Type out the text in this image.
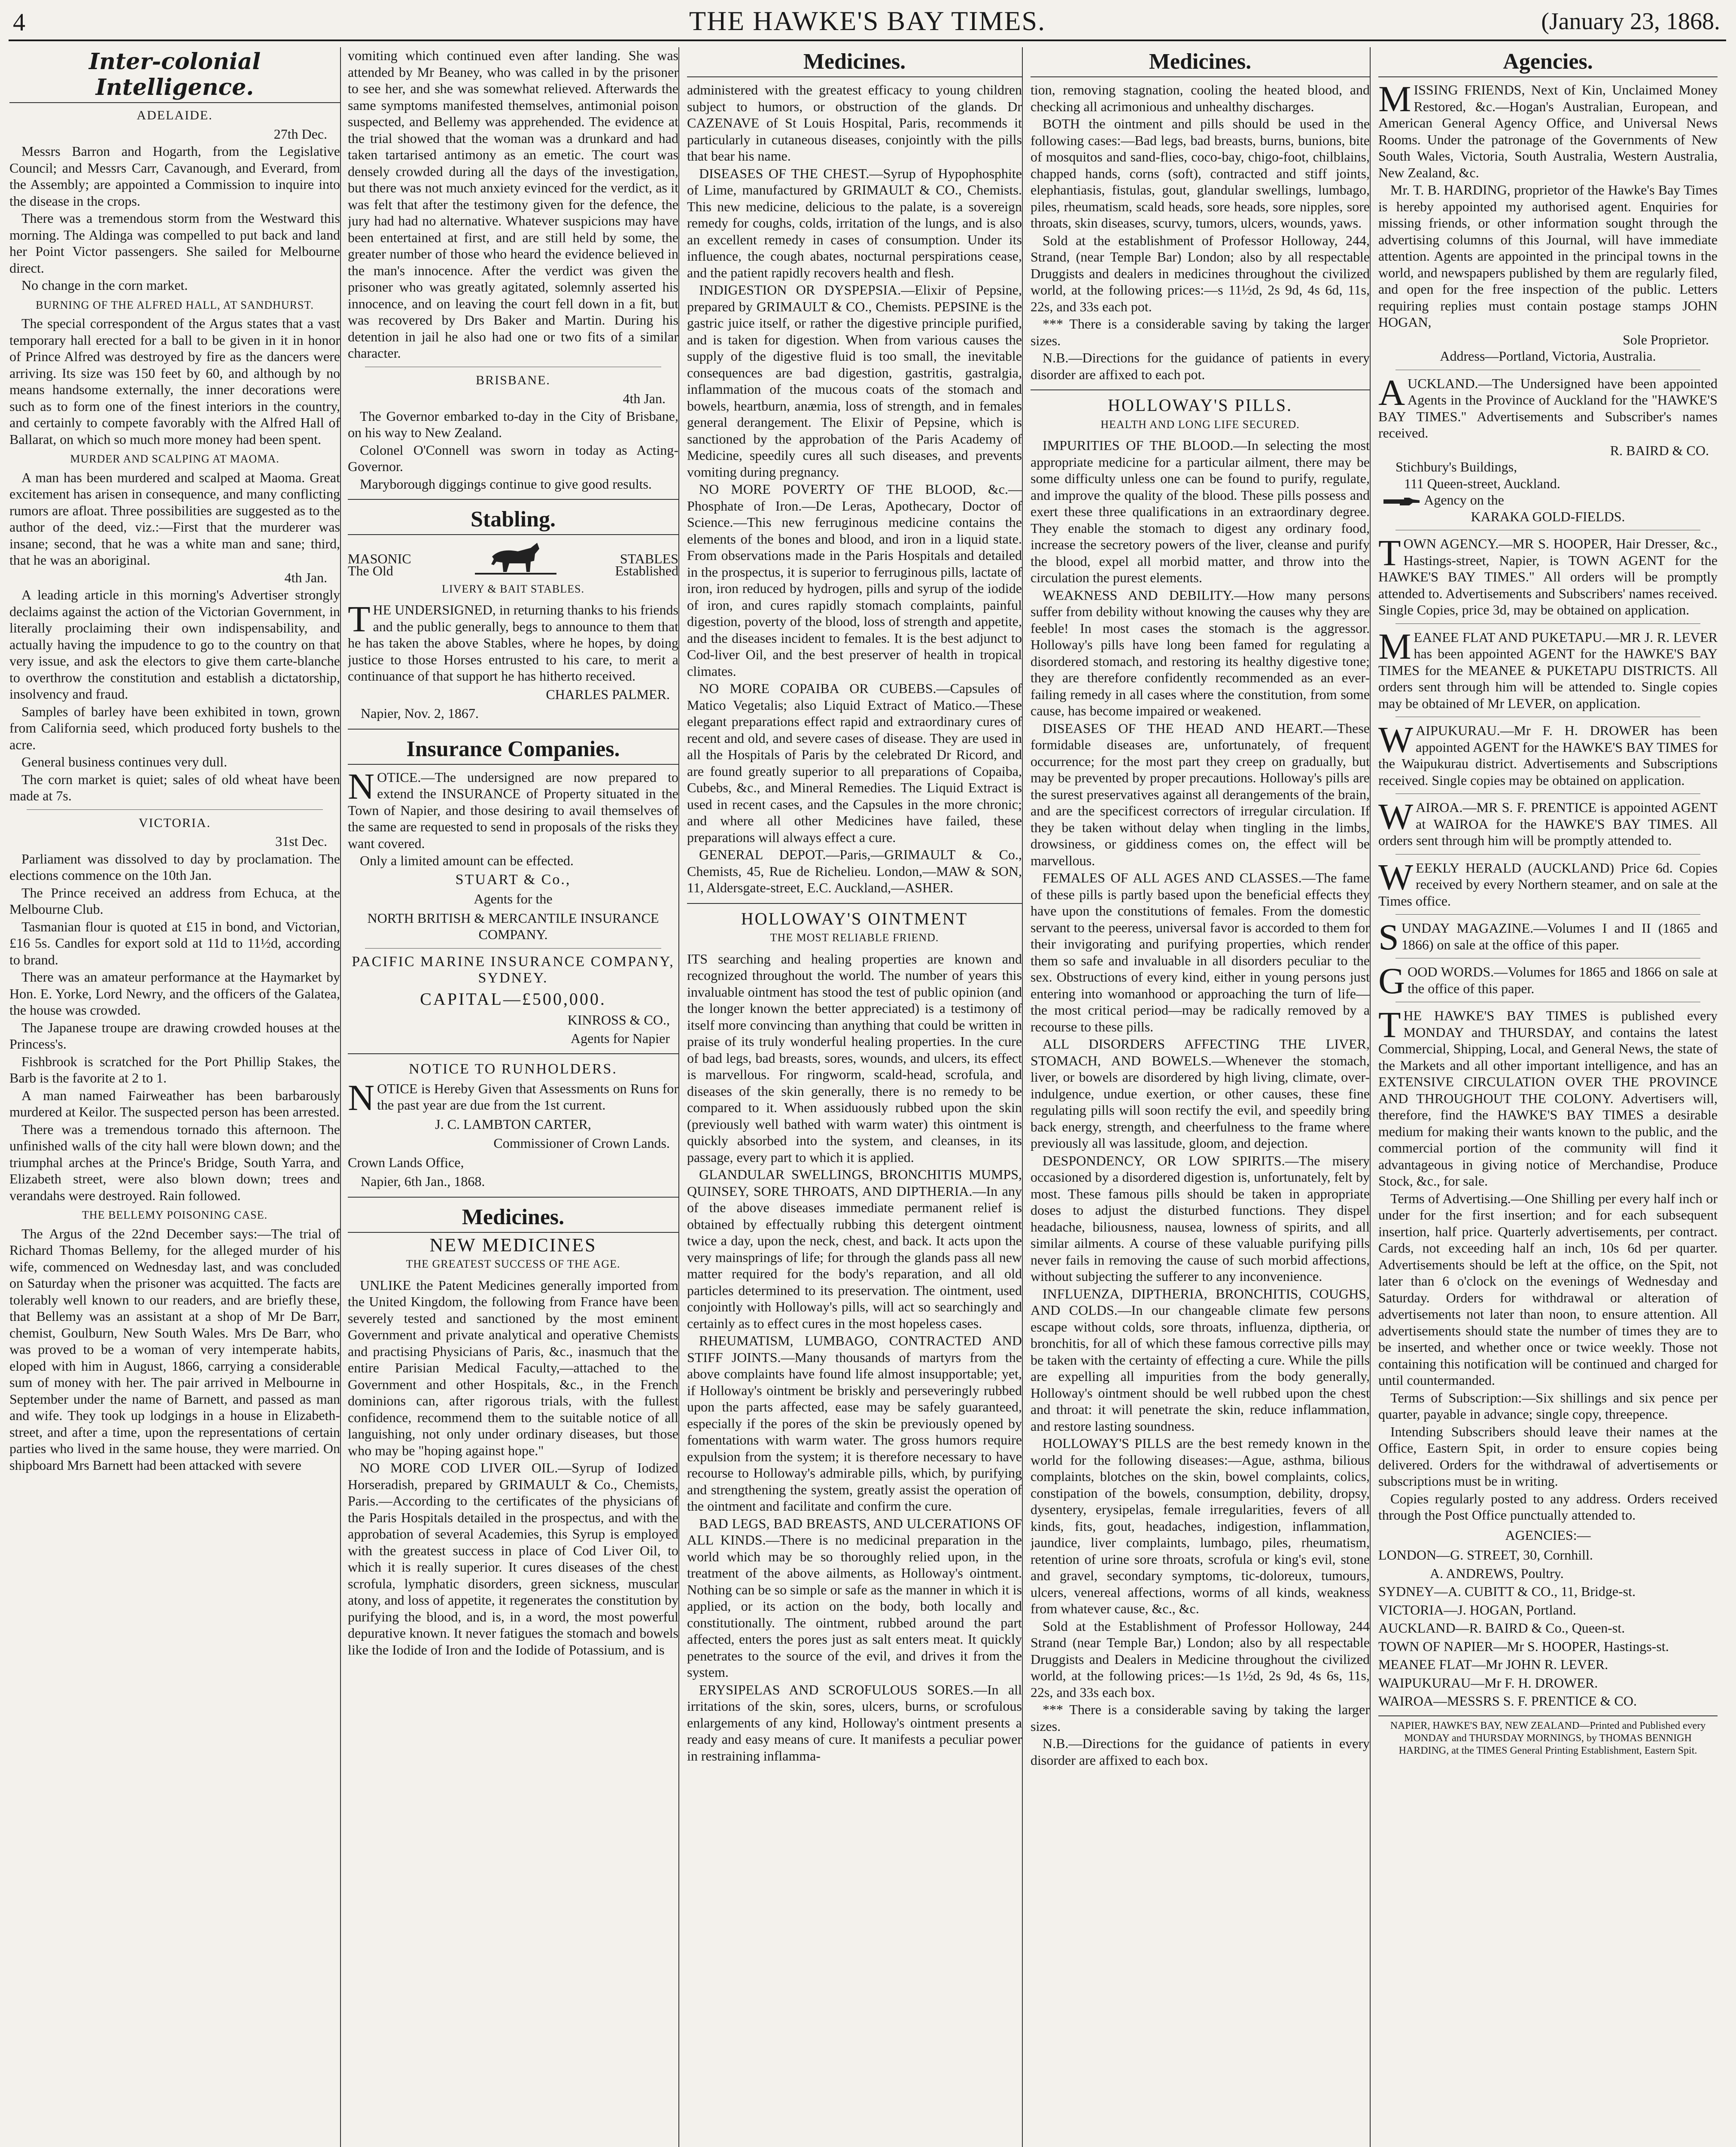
4	THE HAWKE'S BAY TIMES.	(January 23, 1868.
Inter-colonial Intelligence.
ADELAIDE.

27th Dec.

Messrs Barron and Hogarth, from the Legislative Council; and Messrs Carr, Cavanough, and Everard, from the Assembly; are appointed a Commission to inquire into the disease in the crops.

There was a tremendous storm from the Westward this morning. The Aldinga was compelled to put back and land her Point Victor passengers. She sailed for Melbourne direct.

No change in the corn market.

BURNING OF THE ALFRED HALL, AT SANDHURST.

The special correspondent of the Argus states that a vast temporary hall erected for a ball to be given in it in honor of Prince Alfred was destroyed by fire as the dancers were arriving. Its size was 150 feet by 60, and although by no means handsome externally, the inner decorations were such as to form one of the finest interiors in the country, and certainly to compete favorably with the Alfred Hall of Ballarat, on which so much more money had been spent.

MURDER AND SCALPING AT MAOMA.

A man has been murdered and scalped at Maoma. Great excitement has arisen in consequence, and many conflicting rumors are afloat. Three possibilities are suggested as to the author of the deed, viz.:—First that the murderer was insane; second, that he was a white man and sane; third, that he was an aboriginal.

4th Jan.

A leading article in this morning's Advertiser strongly declaims against the action of the Victorian Government, in literally proclaiming their own indispensability, and actually having the impudence to go to the country on that very issue, and ask the electors to give them carte-blanche to overthrow the constitution and establish a dictatorship, insolvency and fraud.

Samples of barley have been exhibited in town, grown from California seed, which produced forty bushels to the acre.

General business continues very dull.

The corn market is quiet; sales of old wheat have been made at 7s.

VICTORIA.

31st Dec.

Parliament was dissolved to day by proclamation. The elections commence on the 10th Jan.

The Prince received an address from Echuca, at the Melbourne Club.

Tasmanian flour is quoted at £15 in bond, and Victorian, £16 5s. Candles for export sold at 11d to 11½d, according to brand.

There was an amateur performance at the Haymarket by Hon. E. Yorke, Lord Newry, and the officers of the Galatea, the house was crowded.

The Japanese troupe are drawing crowded houses at the Princess's.

Fishbrook is scratched for the Port Phillip Stakes, the Barb is the favorite at 2 to 1.

A man named Fairweather has been barbarously murdered at Keilor. The suspected person has been arrested.

There was a tremendous tornado this afternoon. The unfinished walls of the city hall were blown down; and the triumphal arches at the Prince's Bridge, South Yarra, and Elizabeth street, were also blown down; trees and verandahs were destroyed. Rain followed.

THE BELLEMY POISONING CASE.

The Argus of the 22nd December says:—The trial of Richard Thomas Bellemy, for the alleged murder of his wife, commenced on Wednesday last, and was concluded on Saturday when the prisoner was acquitted. The facts are tolerably well known to our readers, and are briefly these, that Bellemy was an assistant at a shop of Mr De Barr, chemist, Goulburn, New South Wales. Mrs De Barr, who was proved to be a woman of very intemperate habits, eloped with him in August, 1866, carrying a considerable sum of money with her. The pair arrived in Melbourne in September under the name of Barnett, and passed as man and wife. They took up lodgings in a house in Elizabeth-street, and after a time, upon the representations of certain parties who lived in the same house, they were married. On shipboard Mrs Barnett had been attacked with severe

vomiting which continued even after landing. She was attended by Mr Beaney, who was called in by the prisoner to see her, and she was somewhat relieved. Afterwards the same symptoms manifested themselves, antimonial poison suspected, and Bellemy was apprehended. The evidence at the trial showed that the woman was a drunkard and had taken tartarised antimony as an emetic. The court was densely crowded during all the days of the investigation, but there was not much anxiety evinced for the verdict, as it was felt that after the testimony given for the defence, the jury had had no alternative. Whatever suspicions may have been entertained at first, and are still held by some, the greater number of those who heard the evidence believed in the man's innocence. After the verdict was given the prisoner who was greatly agitated, solemnly asserted his innocence, and on leaving the court fell down in a fit, but was recovered by Drs Baker and Martin. During his detention in jail he also had one or two fits of a similar character.

BRISBANE.

4th Jan.

The Governor embarked to-day in the City of Brisbane, on his way to New Zealand.

Colonel O'Connell was sworn in today as Acting-Governor.

Maryborough diggings continue to give good results.

Stabling.
MASONIC	STABLES
The Old	Established
LIVERY & BAIT STABLES.

THE UNDERSIGNED, in returning thanks to his friends and the public generally, begs to announce to them that he has taken the above Stables, where he hopes, by doing justice to those Horses entrusted to his care, to merit a continuance of that support he has hitherto received.

CHARLES PALMER.
Napier, Nov. 2, 1867.
Insurance Companies.

NOTICE.—The undersigned are now prepared to extend the INSURANCE of Property situated in the Town of Napier, and those desiring to avail themselves of the same are requested to send in proposals of the risks they want covered.

Only a limited amount can be effected.

STUART & Co.,
Agents for the
NORTH BRITISH & MERCANTILE INSURANCE COMPANY.
PACIFIC MARINE INSURANCE COMPANY, SYDNEY.
CAPITAL—£500,000.
KINROSS & CO.,
Agents for Napier
NOTICE TO RUNHOLDERS.

NOTICE is Hereby Given that Assessments on Runs for the past year are due from the 1st current.

J. C. LAMBTON CARTER,
Commissioner of Crown Lands.
Crown Lands Office,
Napier, 6th Jan., 1868.
Medicines.
NEW MEDICINES
THE GREATEST SUCCESS OF THE AGE.

UNLIKE the Patent Medicines generally imported from the United Kingdom, the following from France have been severely tested and sanctioned by the most eminent Government and private analytical and operative Chemists and practising Physicians of Paris, &c., inasmuch that the entire Parisian Medical Faculty,—attached to the Government and other Hospitals, &c., in the French dominions can, after rigorous trials, with the fullest confidence, recommend them to the suitable notice of all languishing, not only under ordinary diseases, but those who may be "hoping against hope."

NO MORE COD LIVER OIL.—Syrup of Iodized Horseradish, prepared by GRIMAULT & Co., Chemists, Paris.—According to the certificates of the physicians of the Paris Hospitals detailed in the prospectus, and with the approbation of several Academies, this Syrup is employed with the greatest success in place of Cod Liver Oil, to which it is really superior. It cures diseases of the chest scrofula, lymphatic disorders, green sickness, muscular atony, and loss of appetite, it regenerates the constitution by purifying the blood, and is, in a word, the most powerful depurative known. It never fatigues the stomach and bowels like the Iodide of Iron and the Iodide of Potassium, and is

Medicines.

administered with the greatest efficacy to young children subject to humors, or obstruction of the glands. Dr CAZENAVE of St Louis Hospital, Paris, recommends it particularly in cutaneous diseases, conjointly with the pills that bear his name.

DISEASES OF THE CHEST.—Syrup of Hypophosphite of Lime, manufactured by GRIMAULT & CO., Chemists. This new medicine, delicious to the palate, is a sovereign remedy for coughs, colds, irritation of the lungs, and is also an excellent remedy in cases of consumption. Under its influence, the cough abates, nocturnal perspirations cease, and the patient rapidly recovers health and flesh.

INDIGESTION OR DYSPEPSIA.—Elixir of Pepsine, prepared by GRIMAULT & CO., Chemists. PEPSINE is the gastric juice itself, or rather the digestive principle purified, and is taken for digestion. When from various causes the supply of the digestive fluid is too small, the inevitable consequences are bad digestion, gastritis, gastralgia, inflammation of the mucous coats of the stomach and bowels, heartburn, anæmia, loss of strength, and in females general derangement. The Elixir of Pepsine, which is sanctioned by the approbation of the Paris Academy of Medicine, speedily cures all such diseases, and prevents vomiting during pregnancy.

NO MORE POVERTY OF THE BLOOD, &c.—Phosphate of Iron.—De Leras, Apothecary, Doctor of Science.—This new ferruginous medicine contains the elements of the bones and blood, and iron in a liquid state. From observations made in the Paris Hospitals and detailed in the prospectus, it is superior to ferruginous pills, lactate of iron, iron reduced by hydrogen, pills and syrup of the iodide of iron, and cures rapidly stomach complaints, painful digestion, poverty of the blood, loss of strength and appetite, and the diseases incident to females. It is the best adjunct to Cod-liver Oil, and the best preserver of health in tropical climates.

NO MORE COPAIBA OR CUBEBS.—Capsules of Matico Vegetalis; also Liquid Extract of Matico.—These elegant preparations effect rapid and extraordinary cures of recent and old, and severe cases of disease. They are used in all the Hospitals of Paris by the celebrated Dr Ricord, and are found greatly superior to all preparations of Copaiba, Cubebs, &c., and Mineral Remedies. The Liquid Extract is used in recent cases, and the Capsules in the more chronic; and where all other Medicines have failed, these preparations will always effect a cure.

GENERAL DEPOT.—Paris,—GRIMAULT & Co., Chemists, 45, Rue de Richelieu. London,—MAW & SON, 11, Aldersgate-street, E.C. Auckland,—ASHER.

HOLLOWAY'S OINTMENT
THE MOST RELIABLE FRIEND.

ITS searching and healing properties are known and recognized throughout the world. The number of years this invaluable ointment has stood the test of public opinion (and the longer known the better appreciated) is a testimony of itself more convincing than anything that could be written in praise of its truly wonderful healing properties. In the cure of bad legs, bad breasts, sores, wounds, and ulcers, its effect is marvellous. For ringworm, scald-head, scrofula, and diseases of the skin generally, there is no remedy to be compared to it. When assiduously rubbed upon the skin (previously well bathed with warm water) this ointment is quickly absorbed into the system, and cleanses, in its passage, every part to which it is applied.

GLANDULAR SWELLINGS, BRONCHITIS MUMPS, QUINSEY, SORE THROATS, AND DIPTHERIA.—In any of the above diseases immediate permanent relief is obtained by effectually rubbing this detergent ointment twice a day, upon the neck, chest, and back. It acts upon the very mainsprings of life; for through the glands pass all new matter required for the body's reparation, and all old particles determined to its preservation. The ointment, used conjointly with Holloway's pills, will act so searchingly and certainly as to effect cures in the most hopeless cases.

RHEUMATISM, LUMBAGO, CONTRACTED AND STIFF JOINTS.—Many thousands of martyrs from the above complaints have found life almost insupportable; yet, if Holloway's ointment be briskly and perseveringly rubbed upon the parts affected, ease may be safely guaranteed, especially if the pores of the skin be previously opened by fomentations with warm water. The gross humors require expulsion from the system; it is therefore necessary to have recourse to Holloway's admirable pills, which, by purifying and strengthening the system, greatly assist the operation of the ointment and facilitate and confirm the cure.

BAD LEGS, BAD BREASTS, AND ULCERATIONS OF ALL KINDS.—There is no medicinal preparation in the world which may be so thoroughly relied upon, in the treatment of the above ailments, as Holloway's ointment. Nothing can be so simple or safe as the manner in which it is applied, or its action on the body, both locally and constitutionally. The ointment, rubbed around the part affected, enters the pores just as salt enters meat. It quickly penetrates to the source of the evil, and drives it from the system.

ERYSIPELAS AND SCROFULOUS SORES.—In all irritations of the skin, sores, ulcers, burns, or scrofulous enlargements of any kind, Holloway's ointment presents a ready and easy means of cure. It manifests a peculiar power in restraining inflamma-

Medicines.

tion, removing stagnation, cooling the heated blood, and checking all acrimonious and unhealthy discharges.

BOTH the ointment and pills should be used in the following cases:—Bad legs, bad breasts, burns, bunions, bite of mosquitos and sand-flies, coco-bay, chigo-foot, chilblains, chapped hands, corns (soft), contracted and stiff joints, elephantiasis, fistulas, gout, glandular swellings, lumbago, piles, rheumatism, scald heads, sore heads, sore nipples, sore throats, skin diseases, scurvy, tumors, ulcers, wounds, yaws.

Sold at the establishment of Professor Holloway, 244, Strand, (near Temple Bar) London; also by all respectable Druggists and dealers in medicines throughout the civilized world, at the following prices:—s 11½d, 2s 9d, 4s 6d, 11s, 22s, and 33s each pot.

*** There is a considerable saving by taking the larger sizes.

N.B.—Directions for the guidance of patients in every disorder are affixed to each pot.

HOLLOWAY'S PILLS.
HEALTH AND LONG LIFE SECURED.

IMPURITIES OF THE BLOOD.—In selecting the most appropriate medicine for a particular ailment, there may be some difficulty unless one can be found to purify, regulate, and improve the quality of the blood. These pills possess and exert these three qualifications in an extraordinary degree. They enable the stomach to digest any ordinary food, increase the secretory powers of the liver, cleanse and purify the blood, expel all morbid matter, and throw into the circulation the purest elements.

WEAKNESS AND DEBILITY.—How many persons suffer from debility without knowing the causes why they are feeble! In most cases the stomach is the aggressor. Holloway's pills have long been famed for regulating a disordered stomach, and restoring its healthy digestive tone; they are therefore confidently recommended as an ever-failing remedy in all cases where the constitution, from some cause, has become impaired or weakened.

DISEASES OF THE HEAD AND HEART.—These formidable diseases are, unfortunately, of frequent occurrence; for the most part they creep on gradually, but may be prevented by proper precautions. Holloway's pills are the surest preservatives against all derangements of the brain, and are the specificest correctors of irregular circulation. If they be taken without delay when tingling in the limbs, drowsiness, or giddiness comes on, the effect will be marvellous.

FEMALES OF ALL AGES AND CLASSES.—The fame of these pills is partly based upon the beneficial effects they have upon the constitutions of females. From the domestic servant to the peeress, universal favor is accorded to them for their invigorating and purifying properties, which render them so safe and invaluable in all disorders peculiar to the sex. Obstructions of every kind, either in young persons just entering into womanhood or approaching the turn of life—the most critical period—may be radically removed by a recourse to these pills.

ALL DISORDERS AFFECTING THE LIVER, STOMACH, AND BOWELS.—Whenever the stomach, liver, or bowels are disordered by high living, climate, over-indulgence, undue exertion, or other causes, these fine regulating pills will soon rectify the evil, and speedily bring back energy, strength, and cheerfulness to the frame where previously all was lassitude, gloom, and dejection.

DESPONDENCY, OR LOW SPIRITS.—The misery occasioned by a disordered digestion is, unfortunately, felt by most. These famous pills should be taken in appropriate doses to adjust the disturbed functions. They dispel headache, biliousness, nausea, lowness of spirits, and all similar ailments. A course of these valuable purifying pills never fails in removing the cause of such morbid affections, without subjecting the sufferer to any inconvenience.

INFLUENZA, DIPTHERIA, BRONCHITIS, COUGHS, AND COLDS.—In our changeable climate few persons escape without colds, sore throats, influenza, diptheria, or bronchitis, for all of which these famous corrective pills may be taken with the certainty of effecting a cure. While the pills are expelling all impurities from the body generally, Holloway's ointment should be well rubbed upon the chest and throat: it will penetrate the skin, reduce inflammation, and restore lasting soundness.

HOLLOWAY'S PILLS are the best remedy known in the world for the following diseases:—Ague, asthma, bilious complaints, blotches on the skin, bowel complaints, colics, constipation of the bowels, consumption, debility, dropsy, dysentery, erysipelas, female irregularities, fevers of all kinds, fits, gout, headaches, indigestion, inflammation, jaundice, liver complaints, lumbago, piles, rheumatism, retention of urine sore throats, scrofula or king's evil, stone and gravel, secondary symptoms, tic-doloreux, tumours, ulcers, venereal affections, worms of all kinds, weakness from whatever cause, &c., &c.

Sold at the Establishment of Professor Holloway, 244 Strand (near Temple Bar,) London; also by all respectable Druggists and Dealers in Medicine throughout the civilized world, at the following prices:—1s 1½d, 2s 9d, 4s 6s, 11s, 22s, and 33s each box.

*** There is a considerable saving by taking the larger sizes.

N.B.—Directions for the guidance of patients in every disorder are affixed to each box.

Agencies.

MISSING FRIENDS, Next of Kin, Unclaimed Money Restored, &c.—Hogan's Australian, European, and American General Agency Office, and Universal News Rooms. Under the patronage of the Governments of New South Wales, Victoria, South Australia, Western Australia, New Zealand, &c.

Mr. T. B. HARDING, proprietor of the Hawke's Bay Times is hereby appointed my authorised agent. Enquiries for missing friends, or other information sought through the advertising columns of this Journal, will have immediate attention. Agents are appointed in the principal towns in the world, and newspapers published by them are regularly filed, and open for the free inspection of the public. Letters requiring replies must contain postage stamps JOHN HOGAN,

Sole Proprietor.
Address—Portland, Victoria, Australia.

AUCKLAND.—The Undersigned have been appointed Agents in the Province of Auckland for the "HAWKE'S BAY TIMES." Advertisements and Subscriber's names received.

R. BAIRD & CO.
Stichbury's Buildings,
111 Queen-street, Auckland.
Agency on the
KARAKA GOLD-FIELDS.

TOWN AGENCY.—MR S. HOOPER, Hair Dresser, &c., Hastings-street, Napier, is TOWN AGENT for the HAWKE'S BAY TIMES." All orders will be promptly attended to. Advertisements and Subscribers' names received. Single Copies, price 3d, may be obtained on application.

MEANEE FLAT AND PUKETAPU.—MR J. R. LEVER has been appointed AGENT for the HAWKE'S BAY TIMES for the MEANEE & PUKETAPU DISTRICTS. All orders sent through him will be attended to. Single copies may be obtained of Mr LEVER, on application.

WAIPUKURAU.—Mr F. H. DROWER has been appointed AGENT for the HAWKE'S BAY TIMES for the Waipukurau district. Advertisements and Subscriptions received. Single copies may be obtained on application.

WAIROA.—MR S. F. PRENTICE is appointed AGENT at WAIROA for the HAWKE'S BAY TIMES. All orders sent through him will be promptly attended to.

WEEKLY HERALD (AUCKLAND) Price 6d. Copies received by every Northern steamer, and on sale at the Times office.

SUNDAY MAGAZINE.—Volumes I and II (1865 and 1866) on sale at the office of this paper.

GOOD WORDS.—Volumes for 1865 and 1866 on sale at the office of this paper.

THE HAWKE'S BAY TIMES is published every MONDAY and THURSDAY, and contains the latest Commercial, Shipping, Local, and General News, the state of the Markets and all other important intelligence, and has an EXTENSIVE CIRCULATION OVER THE PROVINCE AND THROUGHOUT THE COLONY. Advertisers will, therefore, find the HAWKE'S BAY TIMES a desirable medium for making their wants known to the public, and the commercial portion of the community will find it advantageous in giving notice of Merchandise, Produce Stock, &c., for sale.

Terms of Advertising.—One Shilling per every half inch or under for the first insertion; and for each subsequent insertion, half price. Quarterly advertisements, per contract. Cards, not exceeding half an inch, 10s 6d per quarter. Advertisements should be left at the office, on the Spit, not later than 6 o'clock on the evenings of Wednesday and Saturday. Orders for withdrawal or alteration of advertisements not later than noon, to ensure attention. All advertisements should state the number of times they are to be inserted, and whether once or twice weekly. Those not containing this notification will be continued and charged for until countermanded.

Terms of Subscription:—Six shillings and six pence per quarter, payable in advance; single copy, threepence.

Intending Subscribers should leave their names at the Office, Eastern Spit, in order to ensure copies being delivered. Orders for the withdrawal of advertisements or subscriptions must be in writing.

Copies regularly posted to any address. Orders received through the Post Office punctually attended to.

AGENCIES:—
LONDON—G. STREET, 30, Cornhill.
A. ANDREWS, Poultry.
SYDNEY—A. CUBITT & CO., 11, Bridge-st.
VICTORIA—J. HOGAN, Portland.
AUCKLAND—R. BAIRD & Co., Queen-st.
TOWN OF NAPIER—Mr S. HOOPER, Hastings-st.
MEANEE FLAT—Mr JOHN R. LEVER.
WAIPUKURAU—Mr F. H. DROWER.
WAIROA—MESSRS S. F. PRENTICE & CO.
NAPIER, HAWKE'S BAY, NEW ZEALAND—Printed and Published every MONDAY and THURSDAY MORNINGS, by THOMAS BENNIGH HARDING, at the TIMES General Printing Establishment, Eastern Spit.
